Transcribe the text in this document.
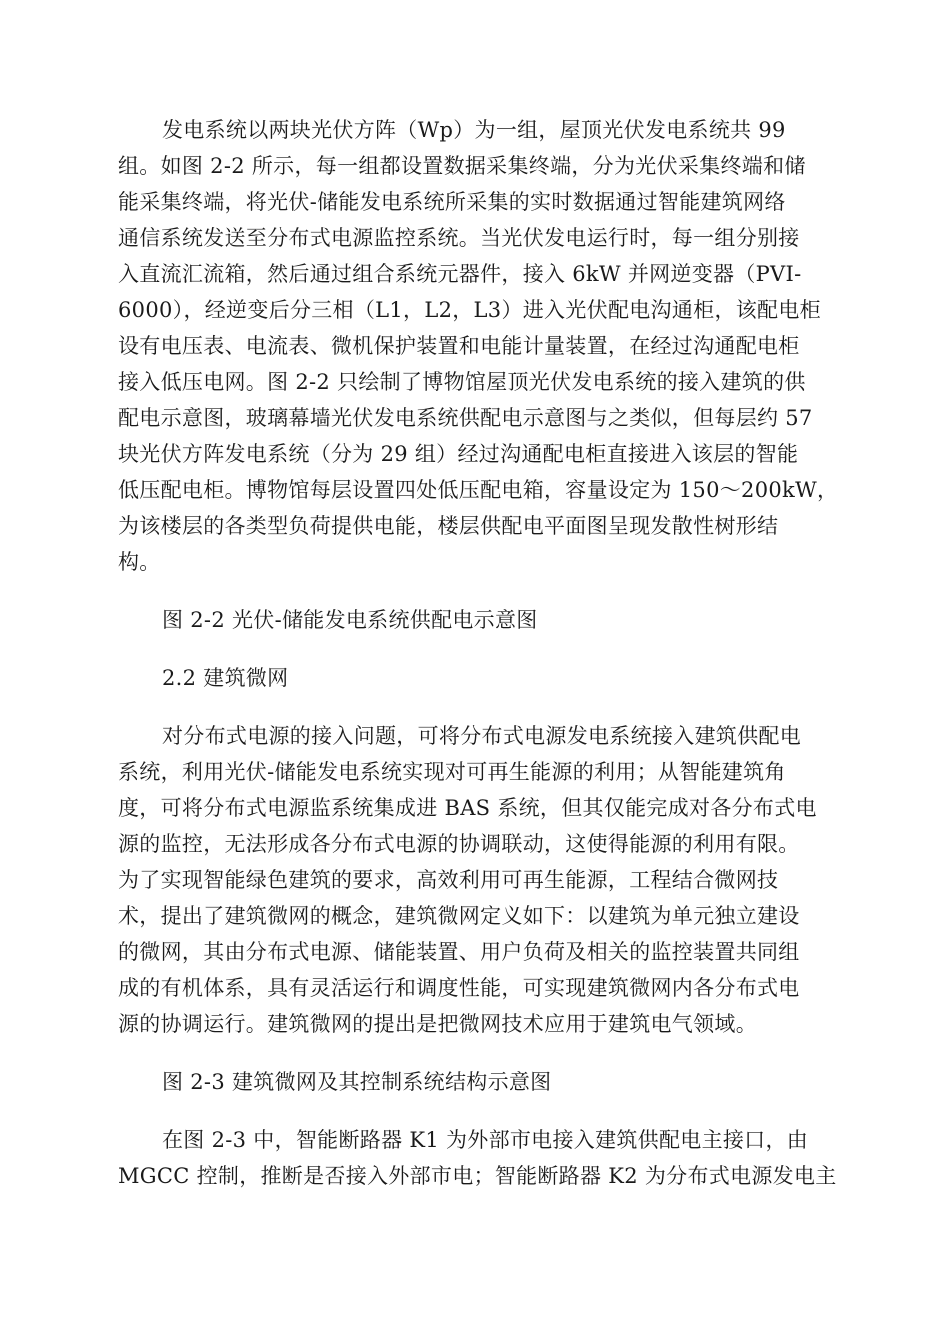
发电系统以两块光伏方阵（Wp）为一组，屋顶光伏发电系统共 99
组。如图 2-2 所示，每一组都设置数据采集终端，分为光伏采集终端和储
能采集终端，将光伏-储能发电系统所采集的实时数据通过智能建筑网络
通信系统发送至分布式电源监控系统。当光伏发电运行时，每一组分别接
入直流汇流箱，然后通过组合系统元器件，接入 6kW 并网逆变器（PVI-
6000），经逆变后分三相（L1，L2，L3）进入光伏配电沟通柜，该配电柜
设有电压表、电流表、微机保护装置和电能计量装置，在经过沟通配电柜
接入低压电网。图 2-2 只绘制了博物馆屋顶光伏发电系统的接入建筑的供
配电示意图，玻璃幕墙光伏发电系统供配电示意图与之类似，但每层约 57
块光伏方阵发电系统（分为 29 组）经过沟通配电柜直接进入该层的智能
低压配电柜。博物馆每层设置四处低压配电箱，容量设定为 150～200kW，
为该楼层的各类型负荷提供电能，楼层供配电平面图呈现发散性树形结
构。
图 2-2 光伏-储能发电系统供配电示意图
2.2 建筑微网
对分布式电源的接入问题，可将分布式电源发电系统接入建筑供配电
系统，利用光伏-储能发电系统实现对可再生能源的利用；从智能建筑角
度，可将分布式电源监系统集成进 BAS 系统，但其仅能完成对各分布式电
源的监控，无法形成各分布式电源的协调联动，这使得能源的利用有限。
为了实现智能绿色建筑的要求，高效利用可再生能源，工程结合微网技
术，提出了建筑微网的概念，建筑微网定义如下：以建筑为单元独立建设
的微网，其由分布式电源、储能装置、用户负荷及相关的监控装置共同组
成的有机体系，具有灵活运行和调度性能，可实现建筑微网内各分布式电
源的协调运行。建筑微网的提出是把微网技术应用于建筑电气领域。
图 2-3 建筑微网及其控制系统结构示意图
在图 2-3 中，智能断路器 K1 为外部市电接入建筑供配电主接口，由
MGCC 控制，推断是否接入外部市电；智能断路器 K2 为分布式电源发电主
